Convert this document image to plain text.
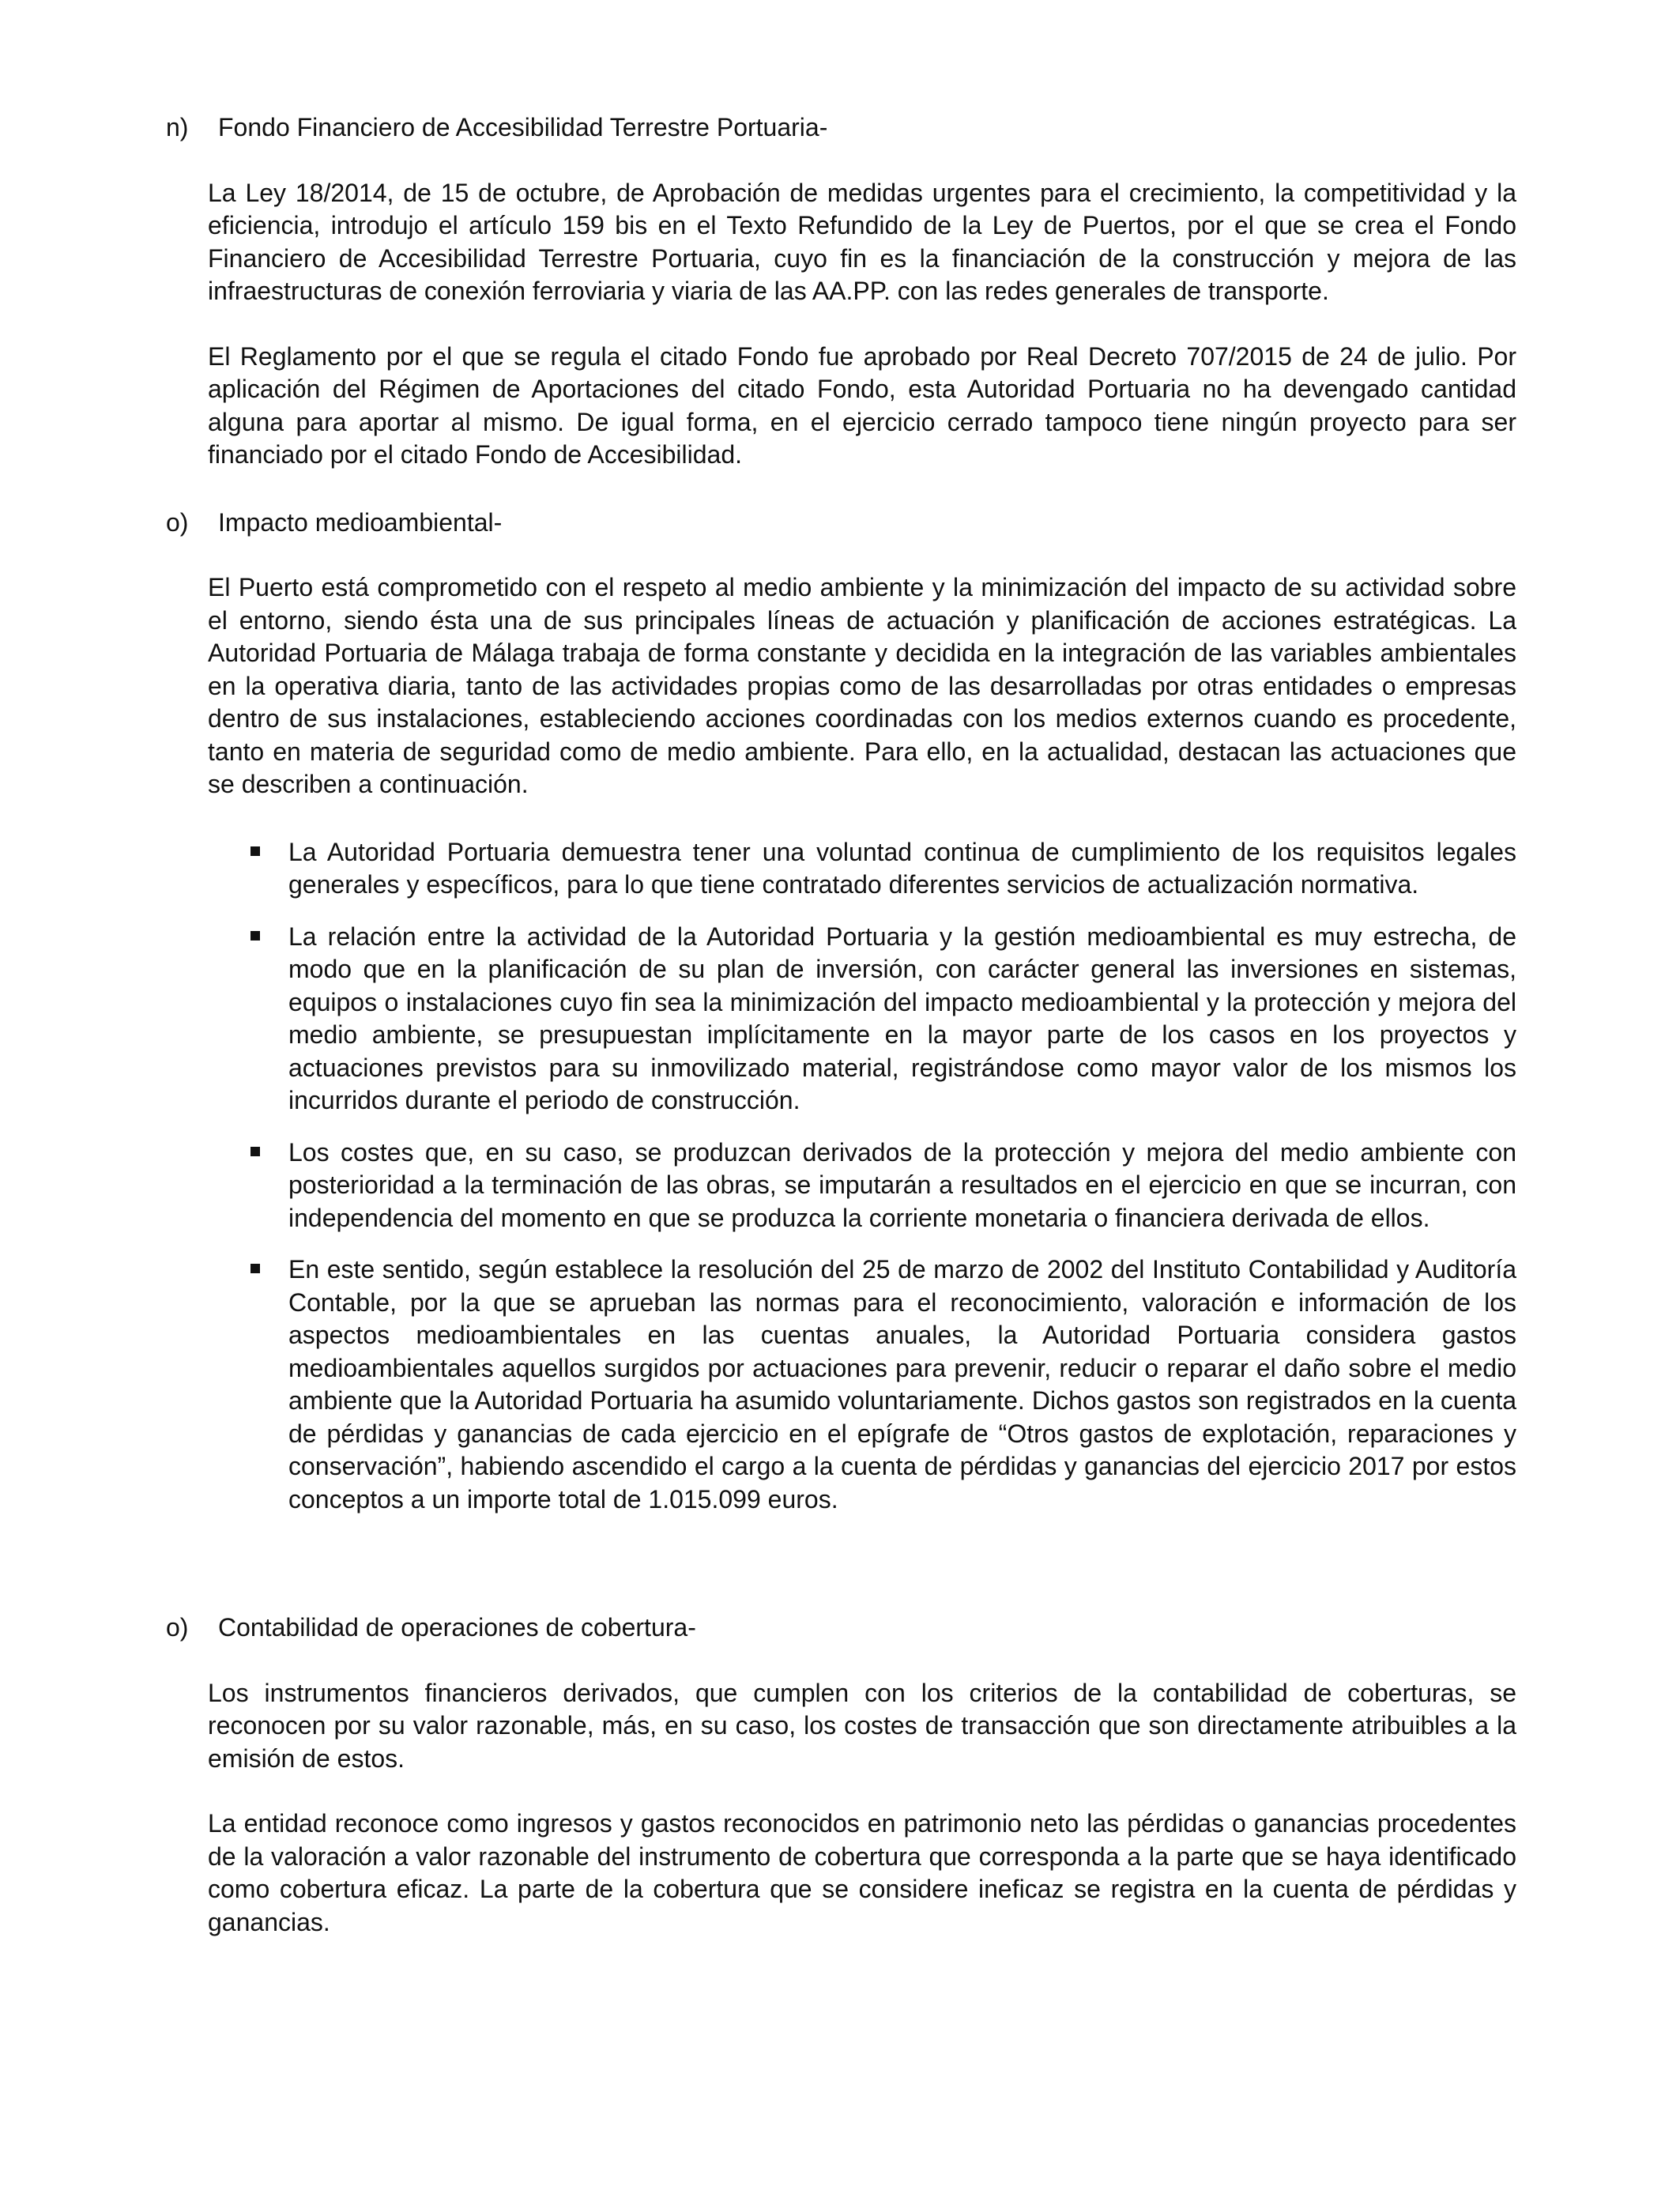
n) Fondo Financiero de Accesibilidad Terrestre Portuaria-

La Ley 18/2014, de 15 de octubre, de Aprobación de medidas urgentes para el crecimiento, la competitividad y la eficiencia, introdujo el artículo 159 bis en el Texto Refundido de la Ley de Puertos, por el que se crea el Fondo Financiero de Accesibilidad Terrestre Portuaria, cuyo fin es la financiación de la construcción y mejora de las infraestructuras de conexión ferroviaria y viaria de las AA.PP. con las redes generales de transporte.

El Reglamento por el que se regula el citado Fondo fue aprobado por Real Decreto 707/2015 de 24 de julio. Por aplicación del Régimen de Aportaciones del citado Fondo, esta Autoridad Portuaria no ha devengado cantidad alguna para aportar al mismo. De igual forma, en el ejercicio cerrado tampoco tiene ningún proyecto para ser financiado por el citado Fondo de Accesibilidad.

o) Impacto medioambiental-

El Puerto está comprometido con el respeto al medio ambiente y la minimización del impacto de su actividad sobre el entorno, siendo ésta una de sus principales líneas de actuación y planificación de acciones estratégicas. La Autoridad Portuaria de Málaga trabaja de forma constante y decidida en la integración de las variables ambientales en la operativa diaria, tanto de las actividades propias como de las desarrolladas por otras entidades o empresas dentro de sus instalaciones, estableciendo acciones coordinadas con los medios externos cuando es procedente, tanto en materia de seguridad como de medio ambiente. Para ello, en la actualidad, destacan las actuaciones que se describen a continuación.

La Autoridad Portuaria demuestra tener una voluntad continua de cumplimiento de los requisitos legales generales y específicos, para lo que tiene contratado diferentes servicios de actualización normativa.
La relación entre la actividad de la Autoridad Portuaria y la gestión medioambiental es muy estrecha, de modo que en la planificación de su plan de inversión, con carácter general las inversiones en sistemas, equipos o instalaciones cuyo fin sea la minimización del impacto medioambiental y la protección y mejora del medio ambiente, se presupuestan implícitamente en la mayor parte de los casos en los proyectos y actuaciones previstos para su inmovilizado material, registrándose como mayor valor de los mismos los incurridos durante el periodo de construcción.
Los costes que, en su caso, se produzcan derivados de la protección y mejora del medio ambiente con posterioridad a la terminación de las obras, se imputarán a resultados en el ejercicio en que se incurran, con independencia del momento en que se produzca la corriente monetaria o financiera derivada de ellos.
En este sentido, según establece la resolución del 25 de marzo de 2002 del Instituto Contabilidad y Auditoría Contable, por la que se aprueban las normas para el reconocimiento, valoración e información de los aspectos medioambientales en las cuentas anuales, la Autoridad Portuaria considera gastos medioambientales aquellos surgidos por actuaciones para prevenir, reducir o reparar el daño sobre el medio ambiente que la Autoridad Portuaria ha asumido voluntariamente. Dichos gastos son registrados en la cuenta de pérdidas y ganancias de cada ejercicio en el epígrafe de “Otros gastos de explotación, reparaciones y conservación”, habiendo ascendido el cargo a la cuenta de pérdidas y ganancias del ejercicio 2017 por estos conceptos a un importe total de 1.015.099 euros.
o) Contabilidad de operaciones de cobertura-

Los instrumentos financieros derivados, que cumplen con los criterios de la contabilidad de coberturas, se reconocen por su valor razonable, más, en su caso, los costes de transacción que son directamente atribuibles a la emisión de estos.

La entidad reconoce como ingresos y gastos reconocidos en patrimonio neto las pérdidas o ganancias procedentes de la valoración a valor razonable del instrumento de cobertura que corresponda a la parte que se haya identificado como cobertura eficaz. La parte de la cobertura que se considere ineficaz se registra en la cuenta de pérdidas y ganancias.
